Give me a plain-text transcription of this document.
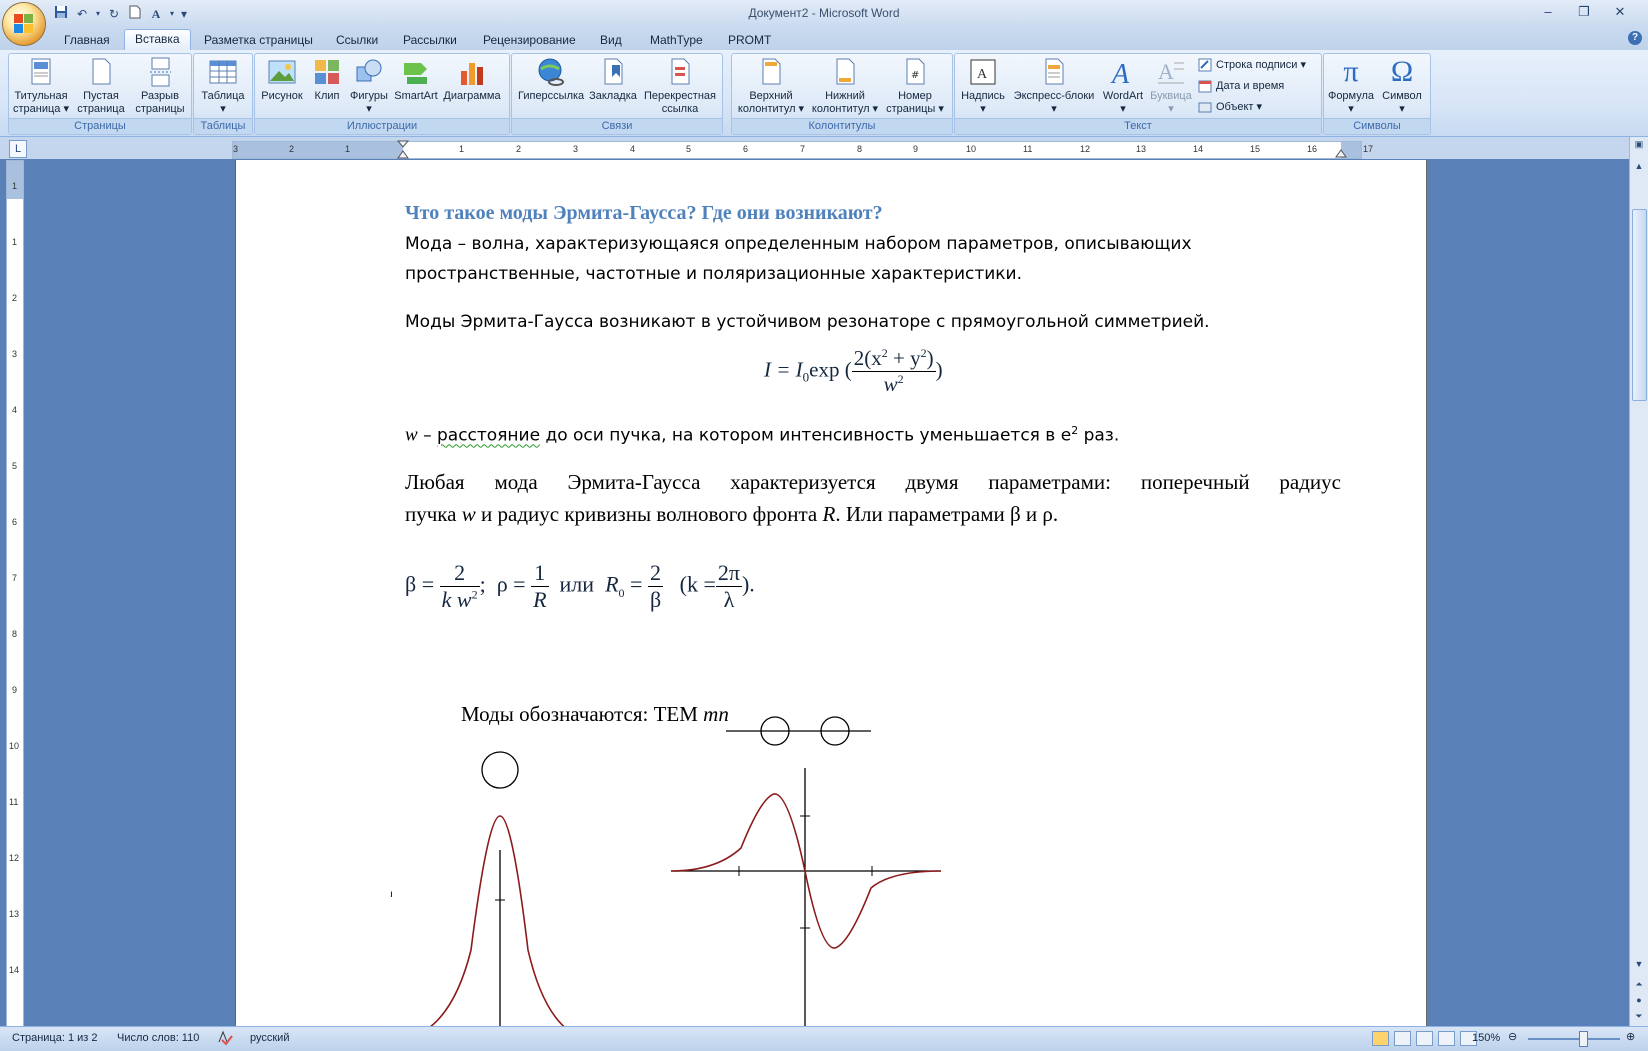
Документ2 - Microsoft Word
↶	▾ ↻	A	▾ ▾	–	❐	✕
Главная	Вставка	Разметка страницы	Ссылки	Рассылки	Рецензирование	Вид	MathType	PROMT	?
Титульная
страница ▾
Пустая
страница
Разрыв
страницы
Страницы
Таблица
▾
Таблицы
Рисунок	Клип Фигуры
▾
SmartArt Диаграмма
Иллюстрации
Гиперссылка Закладка Перекрестная
ссылка
Связи
Верхний
колонтитул ▾
Нижний
колонтитул ▾
#
Номер
страницы ▾
Колонтитулы
A
Надпись
▾
Экспресс-блоки
▾
A
WordArt
▾
A
Буквица
▾
Строка подписи ▾
Дата и время
Объект ▾
Текст
π
Формула
▾
Ω
Символ
▾
Символы
L	3	2	1	1	2	3	4	5	6	7	8	9	10	11	12	13	14	15	16	17
1
1
2
3
4
5
6
7
8
9
10
11
12
13
14
Что такое моды Эрмита-Гаусса? Где они возникают?
Мода – волна, характеризующаяся определенным набором параметров, описывающих
пространственные, частотные и поляризационные характеристики.
Моды Эрмита-Гаусса возникают в устойчивом резонаторе с прямоугольной симметрией.
$I = I_0\exp$ ( $\frac{2(x^2 + y^2)}{w^2}$ )
w – расстояние до оси пучка, на котором интенсивность уменьшается в $e^2$ раз.
Любая мода Эрмита-Гаусса характеризуется двумя параметрами: поперечный радиус
пучка w и радиус кривизны волнового фронта R. Или параметрами β и ρ.
$\beta = \frac{2}{k w^2}$ ; $\rho = \frac{1}{R}$ или $R_0 = \frac{2}{\beta} (k = \frac{2\pi}{\lambda}$ ).
Моды обозначаются: TEM mn
ı
▣
▲
▼
⏶
●
⏷
Страница: 1 из 2 Число слов: 110	русский
	150% ⊖	⊕
